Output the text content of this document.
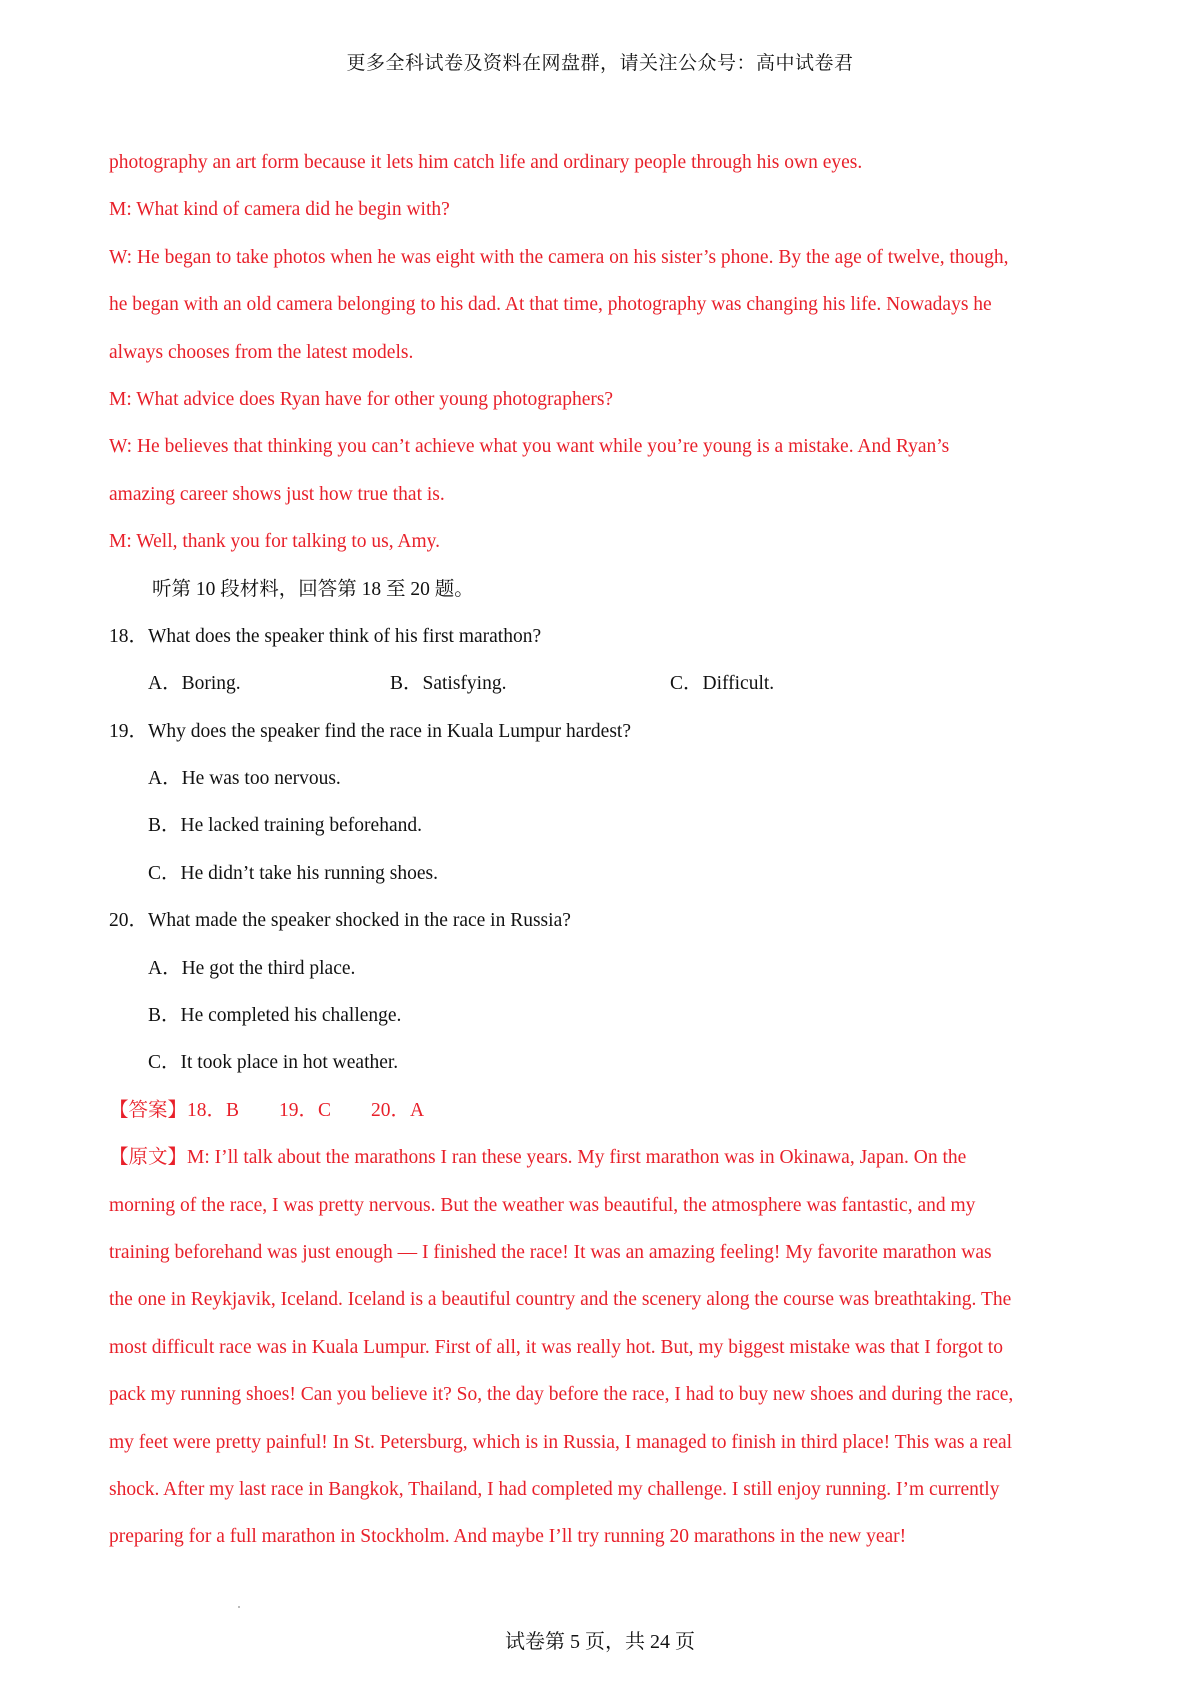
更多全科试卷及资料在网盘群，请关注公众号：高中试卷君
photography an art form because it lets him catch life and ordinary people through his own eyes.
M: What kind of camera did he begin with?
W: He began to take photos when he was eight with the camera on his sister’s phone. By the age of twelve, though,
he began with an old camera belonging to his dad. At that time, photography was changing his life. Nowadays he
always chooses from the latest models.
M: What advice does Ryan have for other young photographers?
W: He believes that thinking you can’t achieve what you want while you’re young is a mistake. And Ryan’s
amazing career shows just how true that is.
M: Well, thank you for talking to us, Amy.
听第 10 段材料，回答第 18 至 20 题。
18．What does the speaker think of his first marathon?
A．Boring.	B．Satisfying.	C．Difficult.
19．Why does the speaker find the race in Kuala Lumpur hardest?
A．He was too nervous.
B．He lacked training beforehand.
C．He didn’t take his running shoes.
20．What made the speaker shocked in the race in Russia?
A．He got the third place.
B．He completed his challenge.
C．It took place in hot weather.
【答案】18．B 19．C 20．A
【原文】M: I’ll talk about the marathons I ran these years. My first marathon was in Okinawa, Japan. On the
morning of the race, I was pretty nervous. But the weather was beautiful, the atmosphere was fantastic, and my
training beforehand was just enough — I finished the race! It was an amazing feeling! My favorite marathon was
the one in Reykjavik, Iceland. Iceland is a beautiful country and the scenery along the course was breathtaking. The
most difficult race was in Kuala Lumpur. First of all, it was really hot. But, my biggest mistake was that I forgot to
pack my running shoes! Can you believe it? So, the day before the race, I had to buy new shoes and during the race,
my feet were pretty painful! In St. Petersburg, which is in Russia, I managed to finish in third place! This was a real
shock. After my last race in Bangkok, Thailand, I had completed my challenge. I still enjoy running. I’m currently
preparing for a full marathon in Stockholm. And maybe I’ll try running 20 marathons in the new year!
试卷第 5 页，共 24 页
